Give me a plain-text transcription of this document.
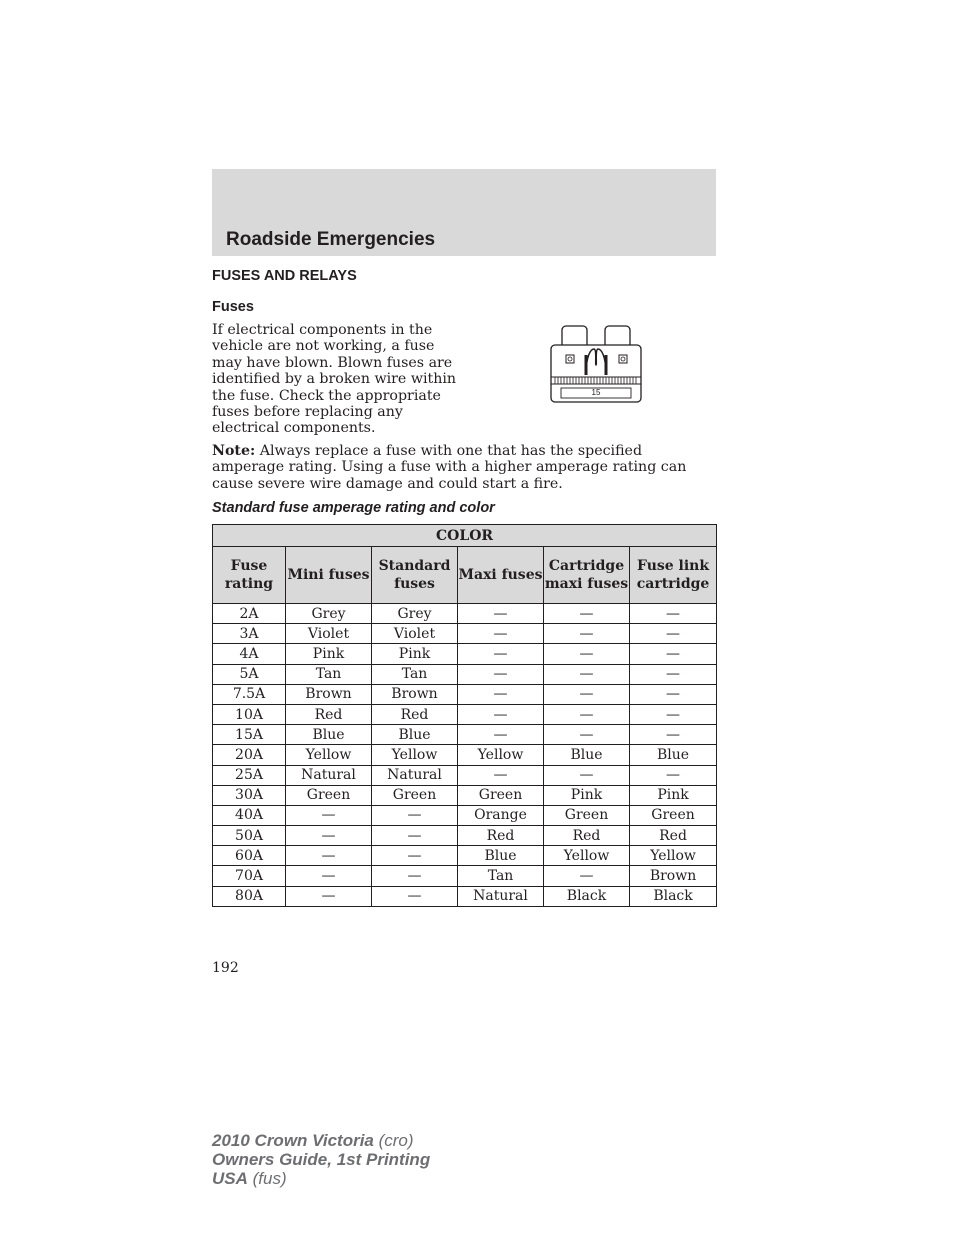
Roadside Emergencies
FUSES AND RELAYS
Fuses
If electrical components in the vehicle are not working, a fuse may have blown. Blown fuses are identified by a broken wire within the fuse. Check the appropriate fuses before replacing any electrical components.
15
Note: Always replace a fuse with one that has the specified amperage rating. Using a fuse with a higher amperage rating can cause severe wire damage and could start a fire.
Standard fuse amperage rating and color
COLOR					
Fuse rating	Mini fuses	Standard fuses	Maxi fuses	Cartridge maxi fuses	Fuse link cartridge
2A	Grey	Grey	—	—	—
3A	Violet	Violet	—	—	—
4A	Pink	Pink	—	—	—
5A	Tan	Tan	—	—	—
7.5A	Brown	Brown	—	—	—
10A	Red	Red	—	—	—
15A	Blue	Blue	—	—	—
20A	Yellow	Yellow	Yellow	Blue	Blue
25A	Natural	Natural	—	—	—
30A	Green	Green	Green	Pink	Pink
40A	—	—	Orange	Green	Green
50A	—	—	Red	Red	Red
60A	—	—	Blue	Yellow	Yellow
70A	—	—	Tan	—	Brown
80A	—	—	Natural	Black	Black
192
2010 Crown Victoria (cro)
Owners Guide, 1st Printing
USA (fus)
